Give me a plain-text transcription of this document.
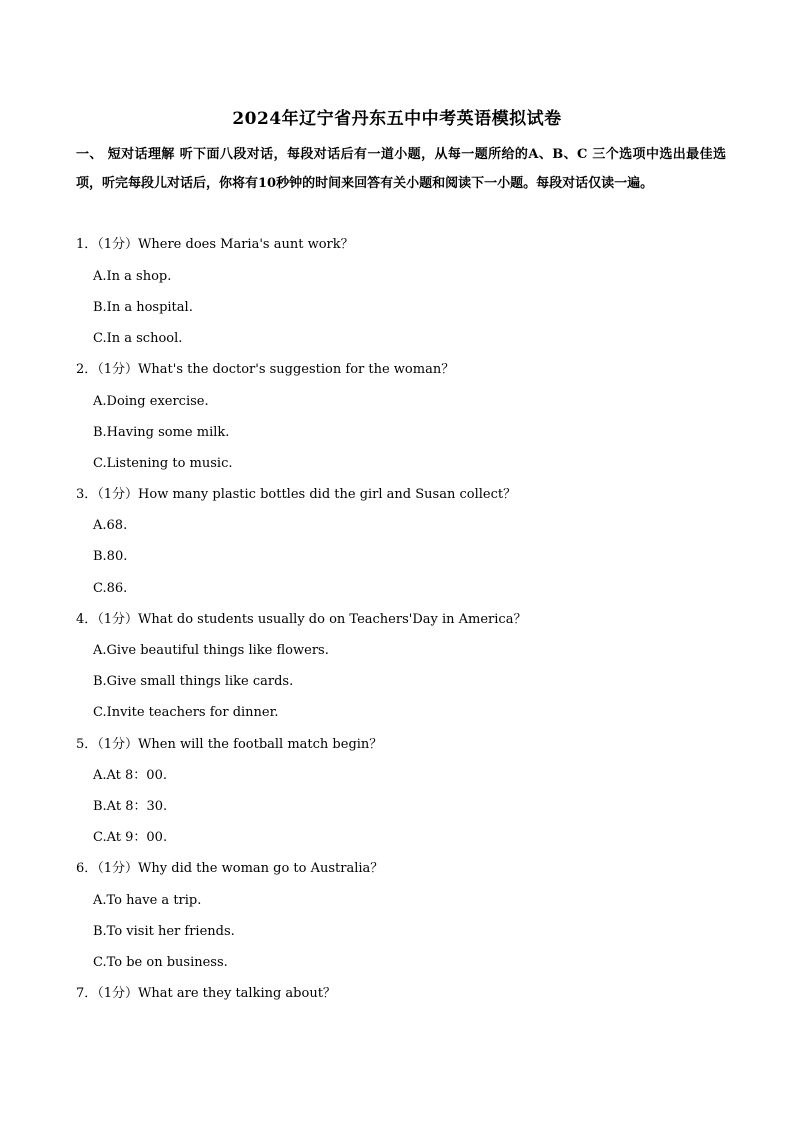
2024年辽宁省丹东五中中考英语模拟试卷
一、 短对话理解 听下面八段对话，每段对话后有一道小题，从每一题所给的A、B、C 三个选项中选出最佳选项，听完每段儿对话后，你将有10秒钟的时间来回答有关小题和阅读下一小题。每段对话仅读一遍。
1．（1分）Where does Maria's aunt work？
A.In a shop.
B.In a hospital.
C.In a school.
2．（1分）What's the doctor's suggestion for the woman？
A.Doing exercise.
B.Having some milk.
C.Listening to music.
3．（1分）How many plastic bottles did the girl and Susan collect？
A.68.
B.80.
C.86.
4．（1分）What do students usually do on Teachers'Day in America？
A.Give beautiful things like flowers.
B.Give small things like cards.
C.Invite teachers for dinner.
5．（1分）When will the football match begin？
A.At 8：00.
B.At 8：30.
C.At 9：00.
6．（1分）Why did the woman go to Australia？
A.To have a trip.
B.To visit her friends.
C.To be on business.
7．（1分）What are they talking about？
